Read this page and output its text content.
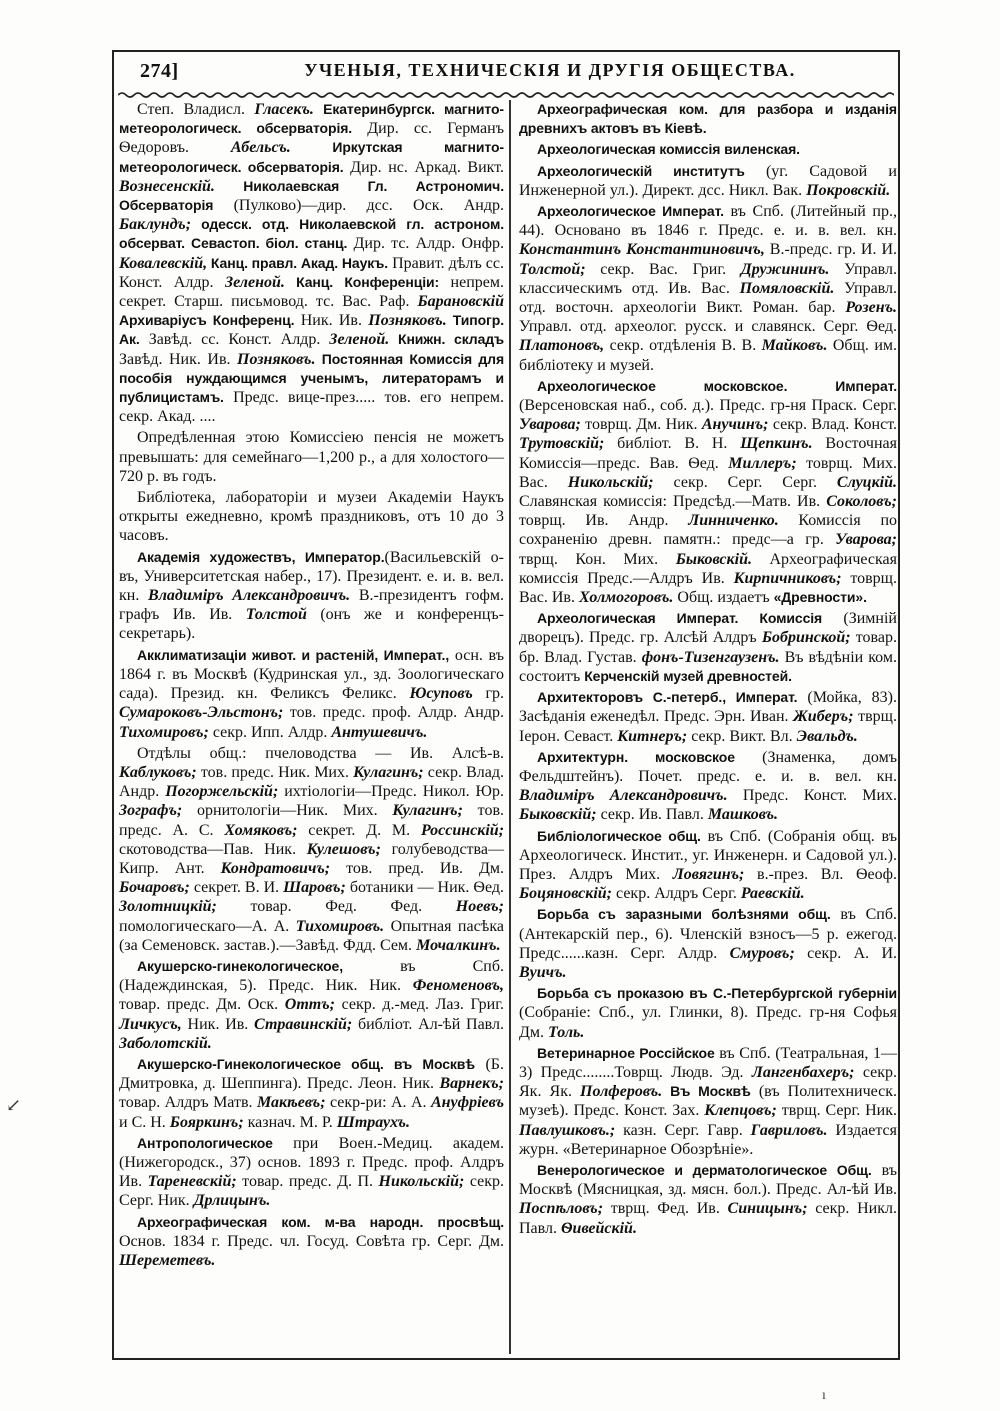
274]	УЧЕНЫЯ, ТЕХНИЧЕСКІЯ И ДРУГІЯ ОБЩЕСТВА.

Степ. Владисл. Гласекъ. Екатеринбургск. магнито-метеорологическ. обсерваторія. Дир. сс. Германъ Ѳедоровъ. Абельсъ. Иркутская магнито-метеорологическ. обсерваторія. Дир. нс. Аркад. Викт. Вознесенскій. Николаевская Гл. Астрономич. Обсерваторія (Пулково)—дир. дсс. Оск. Андр. Баклундъ; одесск. отд. Николаевской гл. астроном. обсерват. Севастоп. біол. станц. Дир. тс. Алдр. Онфр. Ковалевскій, Канц. правл. Акад. Наукъ. Правит. дѣлъ сс. Конст. Алдр. Зеленой. Канц. Конференціи: непрем. секрет. Старш. письмовод. тс. Вас. Раф. Барановскій Архиваріусъ Конференц. Ник. Ив. Позняковъ. Типогр. Ак. Завѣд. сс. Конст. Алдр. Зеленой. Книжн. складъ Завѣд. Ник. Ив. Позняковъ. Постоянная Комиссія для пособія нуждающимся ученымъ, литераторамъ и публицистамъ. Предс. вице-през..... тов. его непрем. секр. Акад. ....

Опредѣленная этою Комиссіею пенсія не можетъ превышать: для семейнаго—1,200 р., а для холостого—720 р. въ годъ.

Библіотека, лабораторіи и музеи Академіи Наукъ открыты ежедневно, кромѣ праздниковъ, отъ 10 до 3 часовъ.

Академія художествъ, Император.(Васильевскій о-въ, Университетская набер., 17). Президент. е. и. в. вел. кн. Владиміръ Александровичъ. В.-президентъ гофм. графъ Ив. Ив. Толстой (онъ же и конференцъ-секретарь).

Акклиматизаціи живот. и растеній, Императ., осн. въ 1864 г. въ Москвѣ (Кудринская ул., зд. Зоологическаго сада). Презид. кн. Феликсъ Феликс. Юсуповъ гр. Сумароковъ-Эльстонъ; тов. предс. проф. Алдр. Андр. Тихомировъ; секр. Ипп. Алдр. Антушевичъ.

Отдѣлы общ.: пчеловодства — Ив. Алсѣ-в. Каблуковъ; тов. предс. Ник. Мих. Кулагинъ; секр. Влад. Андр. Погоржельскій; ихтіологіи—Предс. Никол. Юр. Зографъ; орнитологіи—Ник. Мих. Кулагинъ; тов. предс. А. С. Хомяковъ; секрет. Д. М. Россинскій; скотоводства—Пав. Ник. Кулешовъ; голубеводства—Кипр. Ант. Кондратовичъ; тов. пред. Ив. Дм. Бочаровъ; секрет. В. И. Шаровъ; ботаники — Ник. Ѳед. Золотницкій; товар. Фед. Фед. Ноевъ; помологическаго—А. А. Тихомировъ. Опытная пасѣка (за Семеновск. застав.).—Завѣд. Фдд. Сем. Мочалкинъ.

Акушерско-гинекологическое, въ Спб. (Надеждинская, 5). Предс. Ник. Ник. Феноменовъ, товар. предс. Дм. Оск. Оттъ; секр. д.-мед. Лаз. Григ. Личкусъ, Ник. Ив. Стравинскій; библіот. Ал-ѣй Павл. Заболотскій.

Акушерско-Гинекологическое общ. въ Москвѣ (Б. Дмитровка, д. Шеппинга). Предс. Леон. Ник. Варнекъ; товар. Алдръ Матв. Макѣевъ; секр-ри: А. А. Ануфріевъ и С. Н. Бояркинъ; казнач. М. Р. Штраухъ.

Антропологическое при Воен.-Медиц. академ. (Нижегородск., 37) основ. 1893 г. Предс. проф. Алдръ Ив. Тареневскій; товар. предс. Д. П. Никольскій; секр. Серг. Ник. Дрлицынъ.

Археографическая ком. м-ва народн. просвѣщ. Основ. 1834 г. Предс. чл. Госуд. Совѣта гр. Серг. Дм. Шереметевъ.

Археографическая ком. для разбора и изданія древнихъ актовъ въ Кіевѣ.

Археологическая комиссія виленская.

Археологическій институтъ (уг. Садовой и Инженерной ул.). Директ. дсс. Никл. Вак. Покровскій.

Археологическое Императ. въ Спб. (Литейный пр., 44). Основано въ 1846 г. Предс. е. и. в. вел. кн. Константинъ Константиновичъ, В.-предс. гр. И. И. Толстой; секр. Вас. Григ. Дружининъ. Управл. классическимъ отд. Ив. Вас. Помяловскій. Управл. отд. восточн. археологіи Викт. Роман. бар. Розенъ. Управл. отд. археолог. русск. и славянск. Серг. Ѳед. Платоновъ, секр. отдѣленія В. В. Майковъ. Общ. им. библіотеку и музей.

Археологическое московское. Императ. (Версеновская наб., соб. д.). Предс. гр-ня Праск. Серг. Уварова; товрщ. Дм. Ник. Анучинъ; секр. Влад. Конст. Трутовскій; библіот. В. Н. Щепкинъ. Восточная Комиссія—предс. Вав. Ѳед. Миллеръ; товрщ. Мих. Вас. Никольскій; секр. Серг. Серг. Слуцкій. Славянская комиссія: Предсѣд.—Матв. Ив. Соколовъ; товрщ. Ив. Андр. Линниченко. Комиссія по сохраненію древн. памятн.: предс—а гр. Уварова; тврщ. Кон. Мих. Быковскій. Археографическая комиссія Предс.—Алдръ Ив. Кирпичниковъ; товрщ. Вас. Ив. Холмогоровъ. Общ. издаетъ «Древности».

Археологическая Императ. Комиссія (Зимній дворецъ). Предс. гр. Алсѣй Алдръ Бобринской; товар. бр. Влад. Густав. фонъ-Тизенгаузенъ. Въ вѣдѣніи ком. состоитъ Керченскій музей древностей.

Архитекторовъ С.-петерб., Императ. (Мойка, 83). Засѣданія еженедѣл. Предс. Эрн. Иван. Жиберъ; тврщ. Іерон. Севаст. Китнеръ; секр. Викт. Вл. Эвальдъ.

Архитектурн. московское (Знаменка, домъ Фельдштейнъ). Почет. предс. е. и. в. вел. кн. Владиміръ Александровичъ. Предс. Конст. Мих. Быковскій; секр. Ив. Павл. Машковъ.

Библіологическое общ. въ Спб. (Собранія общ. въ Археологическ. Инстит., уг. Инженерн. и Садовой ул.). През. Алдръ Мих. Ловягинъ; в.-през. Вл. Ѳеоф. Боцяновскій; секр. Алдръ Серг. Раевскій.

Борьба съ заразными болѣзнями общ. въ Спб. (Антекарскій пер., 6). Членскій взносъ—5 р. ежегод. Предс......казн. Серг. Алдр. Смуровъ; секр. А. И. Вуичъ.

Борьба съ проказою въ С.-Петербургской губерніи (Собраніе: Спб., ул. Глинки, 8). Предс. гр-ня Софья Дм. Толь.

Ветеринарное Россійское въ Спб. (Театральная, 1—3) Предс........Товрщ. Людв. Эд. Лангенбахеръ; секр. Як. Як. Полферовъ. Въ Москвѣ (въ Политехническ. музеѣ). Предс. Конст. Зах. Клепцовъ; тврщ. Серг. Ник. Павлушковъ.; казн. Серг. Гавр. Гавриловъ. Издается журн. «Ветеринарное Обозрѣніе».

Венерологическое и дерматологическое Общ. въ Москвѣ (Мясницкая, зд. мясн. бол.). Предс. Ал-ѣй Ив. Поспѣловъ; тврщ. Фед. Ив. Синицынъ; секр. Никл. Павл. Ѳивейскій.

↙
ı
